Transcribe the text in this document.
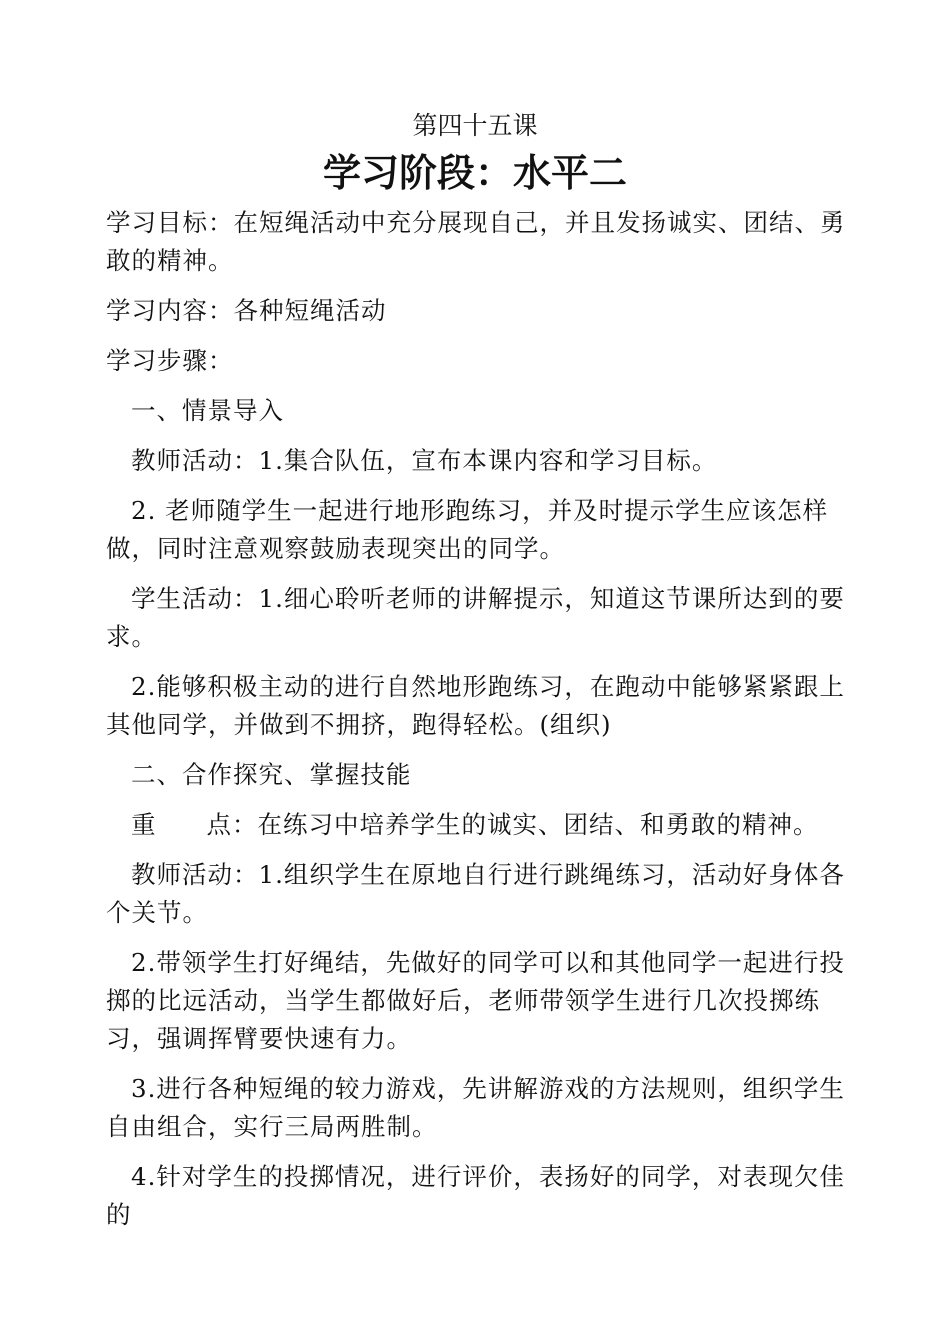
第四十五课
学习阶段：水平二

学习目标：在短绳活动中充分展现自己，并且发扬诚实、团结、勇敢的精神。

学习内容：各种短绳活动

学习步骤：

一、情景导入

教师活动：1.集合队伍，宣布本课内容和学习目标。

2. 老师随学生一起进行地形跑练习，并及时提示学生应该怎样做，同时注意观察鼓励表现突出的同学。

学生活动：1.细心聆听老师的讲解提示，知道这节课所达到的要求。

2.能够积极主动的进行自然地形跑练习，在跑动中能够紧紧跟上其他同学，并做到不拥挤，跑得轻松。(组织)

二、合作探究、掌握技能

重 点：在练习中培养学生的诚实、团结、和勇敢的精神。

教师活动：1.组织学生在原地自行进行跳绳练习，活动好身体各个关节。

2.带领学生打好绳结，先做好的同学可以和其他同学一起进行投掷的比远活动，当学生都做好后，老师带领学生进行几次投掷练习，强调挥臂要快速有力。

3.进行各种短绳的较力游戏，先讲解游戏的方法规则，组织学生自由组合，实行三局两胜制。

4.针对学生的投掷情况，进行评价，表扬好的同学，对表现欠佳的
